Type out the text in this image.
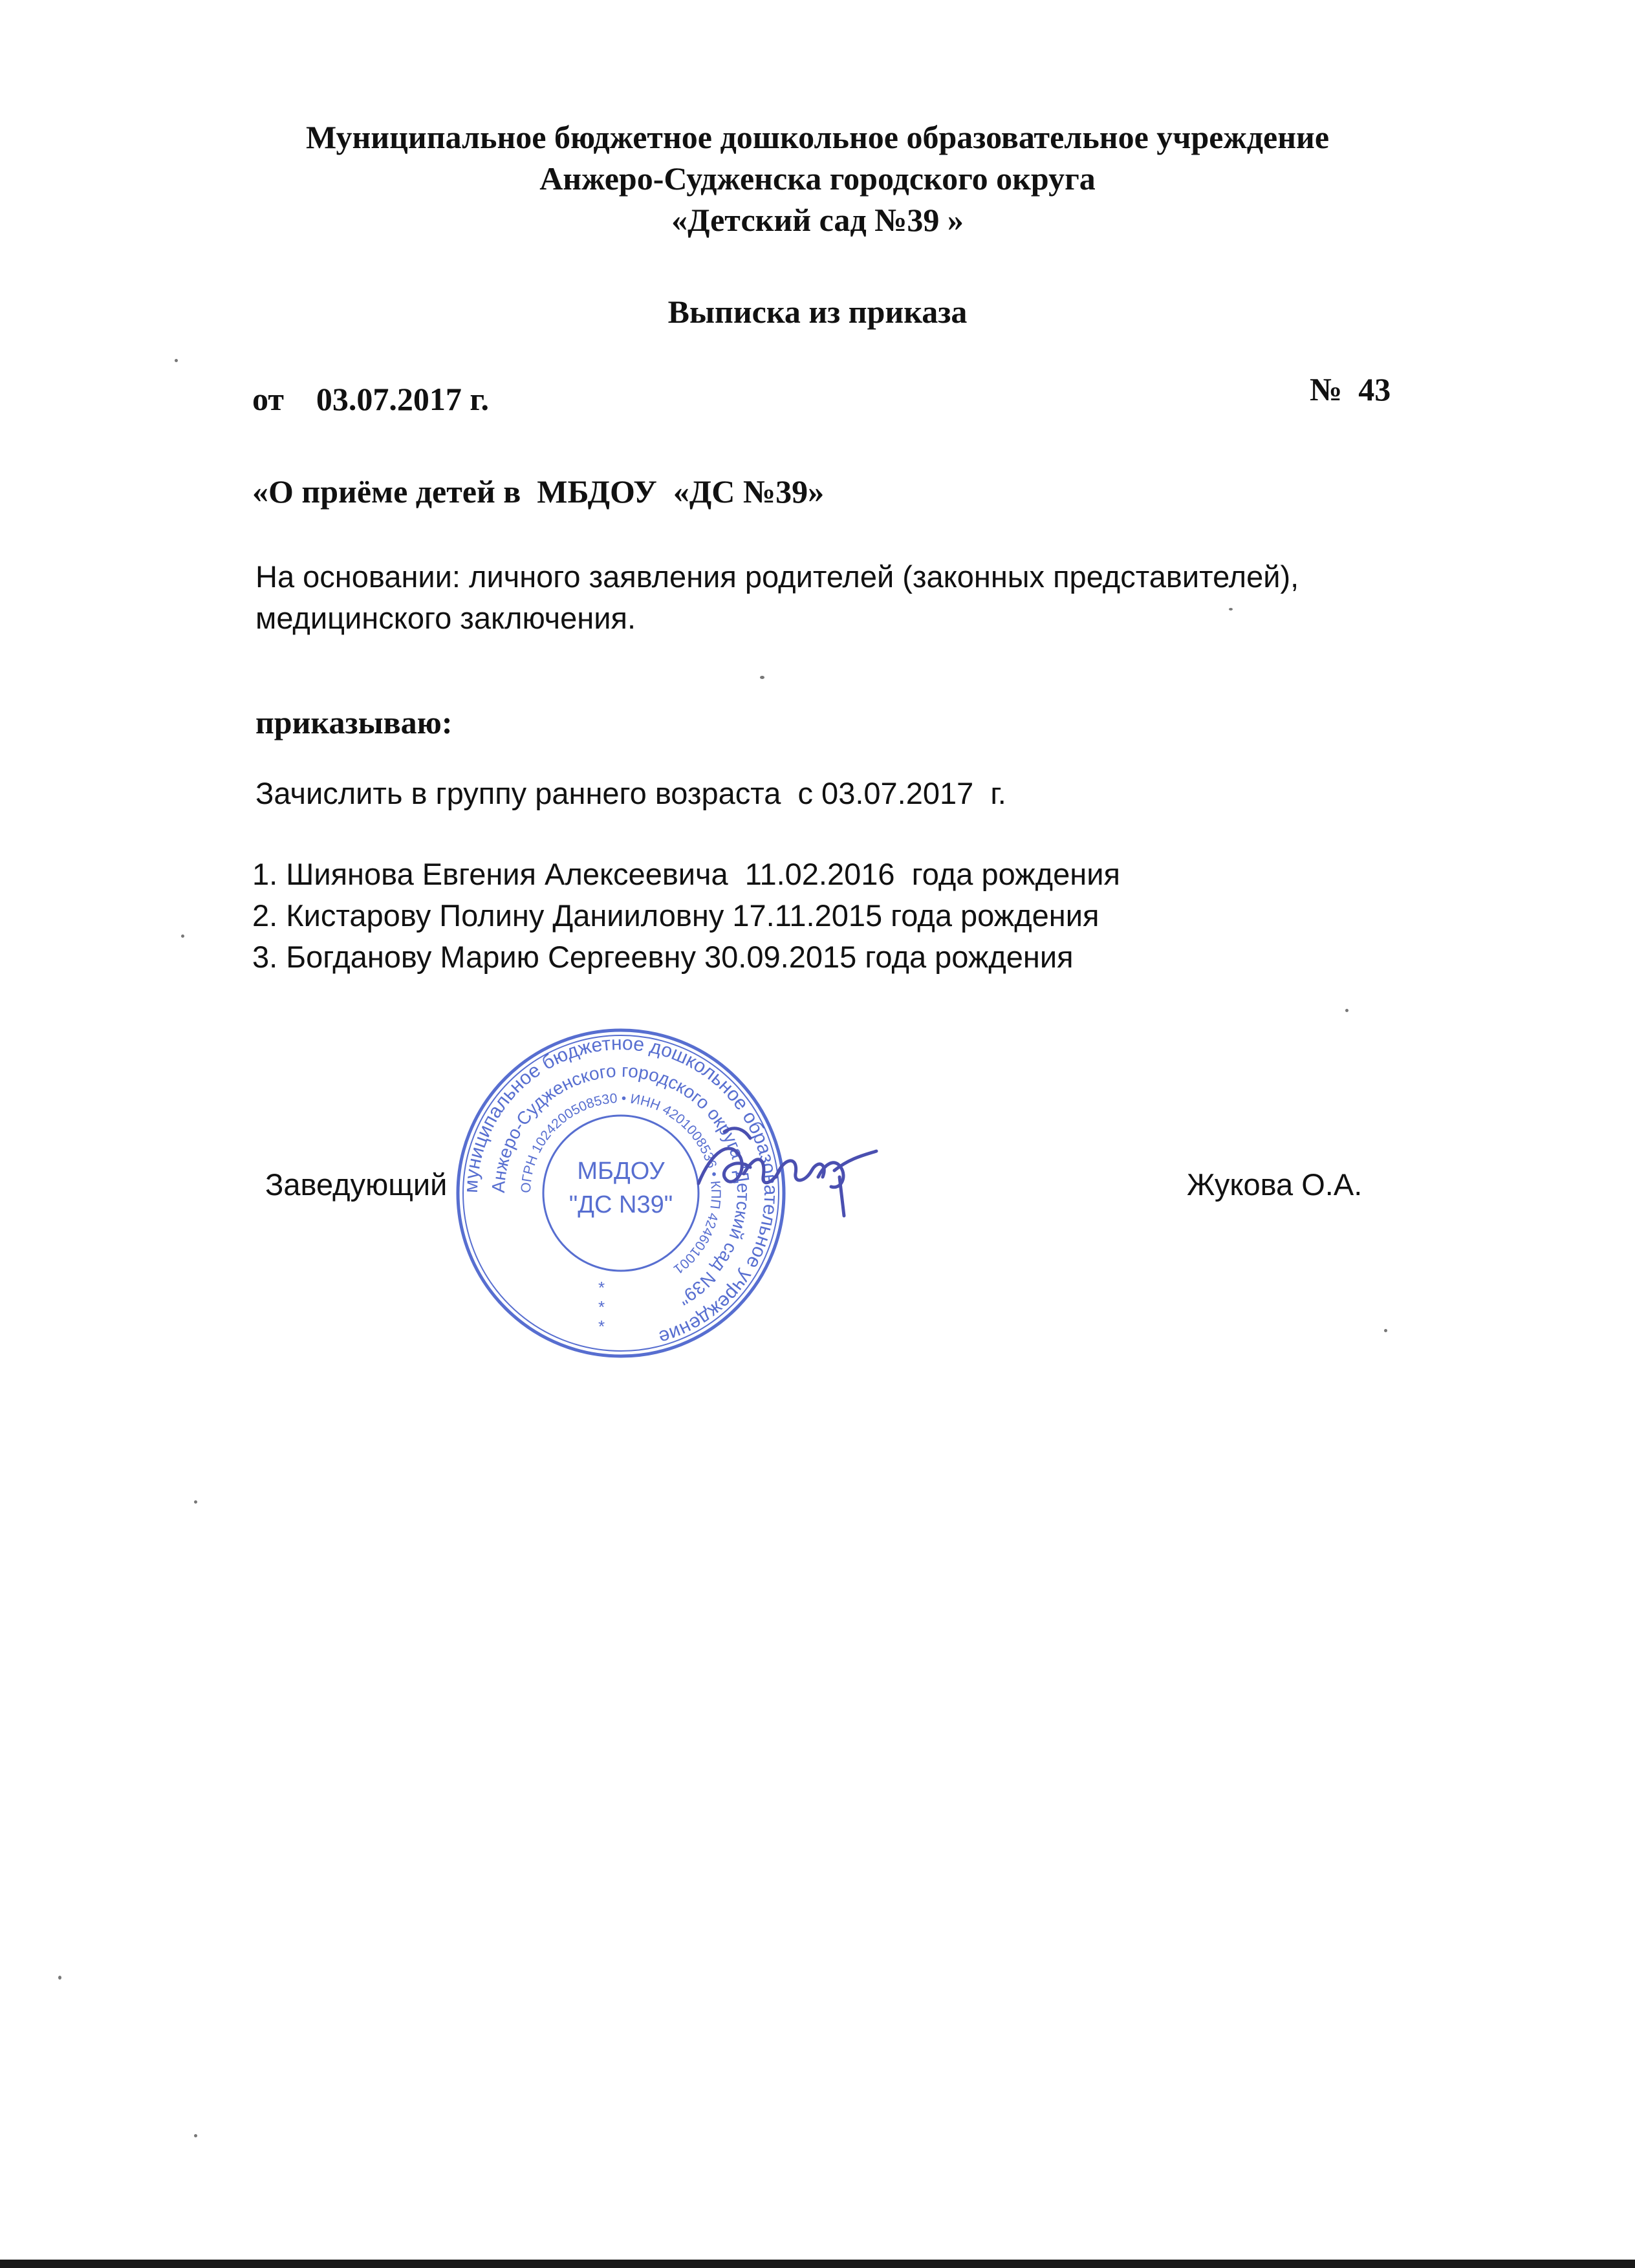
Муниципальное бюджетное дошкольное образовательное учреждение
Анжеро-Судженска городского округа
«Детский сад №39 »
Выписка из приказа
от    03.07.2017 г.	№  43
«О приёме детей в  МБДОУ  «ДС №39»
На основании: личного заявления родителей (законных представителей),
медицинского заключения.
приказываю:
Зачислить в группу раннего возраста  с 03.07.2017  г.
1. Шиянова Евгения Алексеевича  11.02.2016  года рождения
2. Кистарову Полину Данииловну 17.11.2015 года рождения
3. Богданову Марию Сергеевну 30.09.2015 года рождения
Заведующий	Жукова О.А.
муниципальное бюджетное дошкольное образовательное учреждение
Анжеро-Судженского городского округа "Детский сад N39"
ОГРН 1024200508530 • ИНН 4201008536 • КПП 424601001
МБДОУ
"ДС N39"
*
*
*
